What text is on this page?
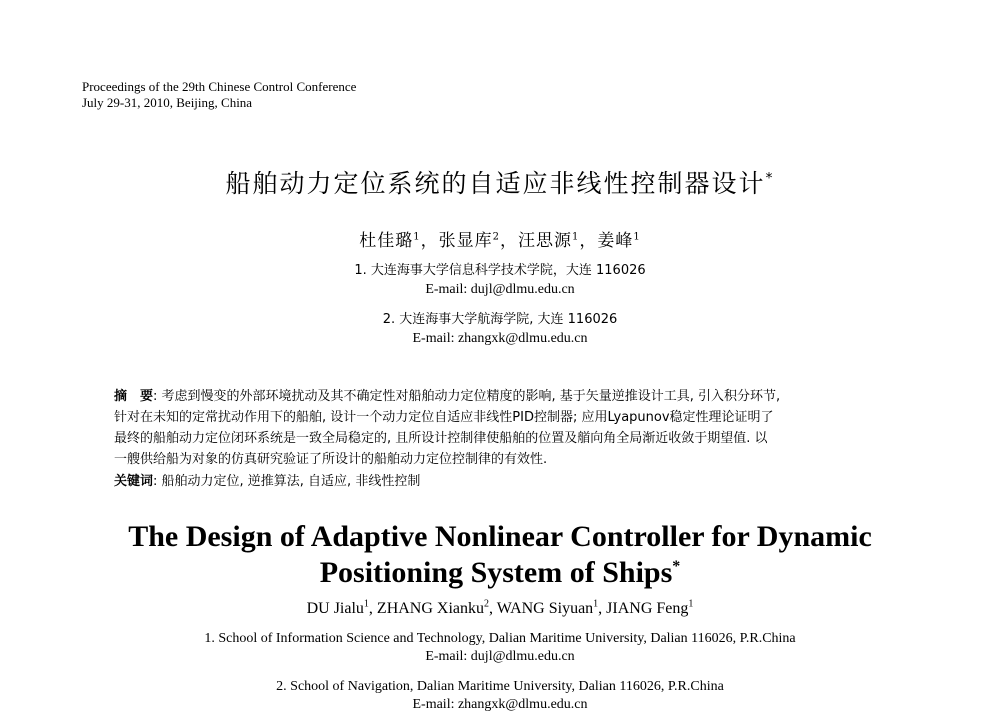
Proceedings of the 29th Chinese Control Conference
July 29-31, 2010, Beijing, China
船舶动力定位系统的自适应非线性控制器设计*
杜佳璐$^1$，张显库$^2$，汪思源$^1$，姜峰$^1$
1. 大连海事大学信息科学技术学院，大连 116026
E-mail: dujl@dlmu.edu.cn
2. 大连海事大学航海学院, 大连 116026
E-mail: zhangxk@dlmu.edu.cn
摘　要: 考虑到慢变的外部环境扰动及其不确定性对船舶动力定位精度的影响, 基于矢量逆推设计工具, 引入积分环节,
针对在未知的定常扰动作用下的船舶, 设计一个动力定位自适应非线性PID控制器; 应用Lyapunov稳定性理论证明了
最终的船舶动力定位闭环系统是一致全局稳定的, 且所设计控制律使船舶的位置及艏向角全局渐近收敛于期望值. 以
一艘供给船为对象的仿真研究验证了所设计的船舶动力定位控制律的有效性.
关键词: 船舶动力定位, 逆推算法, 自适应, 非线性控制
The Design of Adaptive Nonlinear Controller for Dynamic
Positioning System of Ships*
DU Jialu$^1$, ZHANG Xianku$^2$, WANG Siyuan$^1$, JIANG Feng$^1$
1. School of Information Science and Technology, Dalian Maritime University, Dalian 116026, P.R.China
E-mail: dujl@dlmu.edu.cn
2. School of Navigation, Dalian Maritime University, Dalian 116026, P.R.China
E-mail: zhangxk@dlmu.edu.cn
